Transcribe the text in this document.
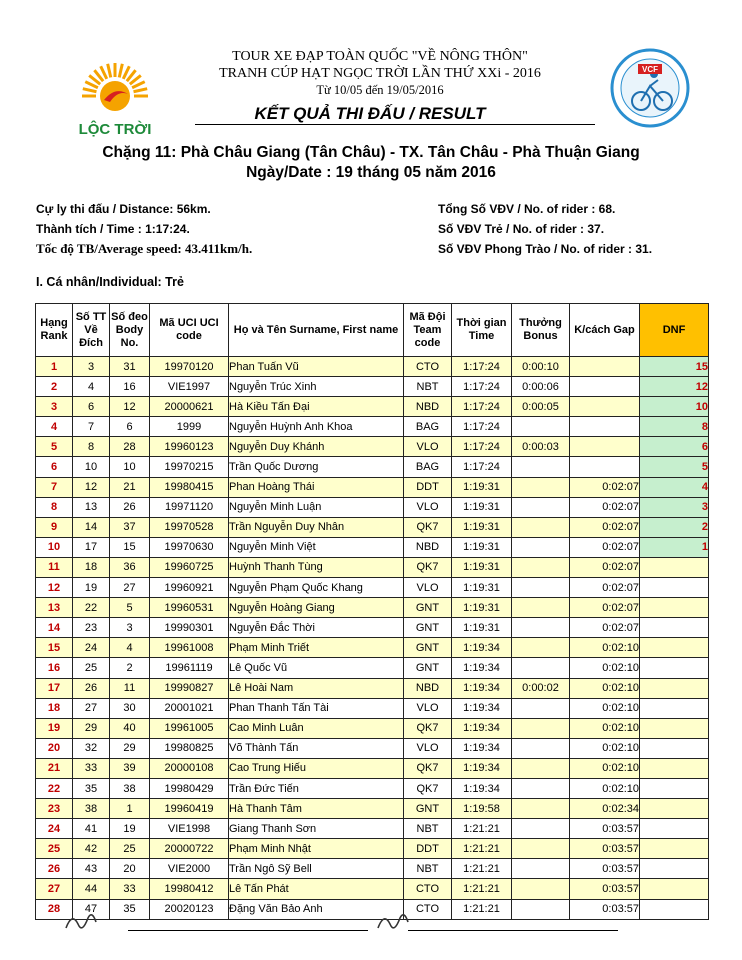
LỘC TRỜI
TOUR XE ĐẠP TOÀN QUỐC "VỀ NÔNG THÔN"
TRANH CÚP HẠT NGỌC TRỜI LẦN THỨ XXi - 2016
Từ 10/05 đến 19/05/2016
VCF
KẾT QUẢ THI ĐẤU / RESULT
Chặng 11: Phà Châu Giang (Tân Châu) - TX. Tân Châu - Phà Thuận Giang
Ngày/Date : 19 tháng 05 năm 2016
Cự ly thi đấu / Distance: 56km.
Thành tích / Time : 1:17:24.
Tốc độ TB/Average speed: 43.411km/h.
Tổng Số VĐV / No. of rider : 68.
Số VĐV Trẻ / No. of rider : 37.
Số VĐV Phong Trào / No. of rider : 31.
I. Cá nhân/Individual: Trẻ
Hạng Rank	Số TT Về Đích	Số đeo Body No.	Mã UCI UCI code	Họ và Tên Surname, First name	Mã Đội Team code	Thời gian Time	Thưởng Bonus	K/cách Gap	DNF
1	3	31	19970120	Phan Tuấn Vũ	CTO	1:17:24	0:00:10		15
2	4	16	VIE1997	Nguyễn Trúc Xinh	NBT	1:17:24	0:00:06		12
3	6	12	20000621	Hà Kiều Tấn Đại	NBD	1:17:24	0:00:05		10
4	7	6	1999	Nguyễn Huỳnh Anh Khoa	BAG	1:17:24			8
5	8	28	19960123	Nguyễn Duy Khánh	VLO	1:17:24	0:00:03		6
6	10	10	19970215	Trần Quốc Dương	BAG	1:17:24			5
7	12	21	19980415	Phan Hoàng Thái	DDT	1:19:31		0:02:07	4
8	13	26	19971120	Nguyễn Minh Luận	VLO	1:19:31		0:02:07	3
9	14	37	19970528	Trần Nguyễn Duy Nhân	QK7	1:19:31		0:02:07	2
10	17	15	19970630	Nguyễn Minh Việt	NBD	1:19:31		0:02:07	1
11	18	36	19960725	Huỳnh Thanh Tùng	QK7	1:19:31		0:02:07	
12	19	27	19960921	Nguyễn Phạm Quốc Khang	VLO	1:19:31		0:02:07	
13	22	5	19960531	Nguyễn Hoàng Giang	GNT	1:19:31		0:02:07	
14	23	3	19990301	Nguyễn Đắc Thời	GNT	1:19:31		0:02:07	
15	24	4	19961008	Phạm Minh Triết	GNT	1:19:34		0:02:10	
16	25	2	19961119	Lê Quốc Vũ	GNT	1:19:34		0:02:10	
17	26	11	19990827	Lê Hoài Nam	NBD	1:19:34	0:00:02	0:02:10	
18	27	30	20001021	Phan Thanh Tấn Tài	VLO	1:19:34		0:02:10	
19	29	40	19961005	Cao Minh Luân	QK7	1:19:34		0:02:10	
20	32	29	19980825	Võ Thành Tấn	VLO	1:19:34		0:02:10	
21	33	39	20000108	Cao Trung Hiếu	QK7	1:19:34		0:02:10	
22	35	38	19980429	Trần Đức Tiến	QK7	1:19:34		0:02:10	
23	38	1	19960419	Hà Thanh Tâm	GNT	1:19:58		0:02:34	
24	41	19	VIE1998	Giang Thanh Sơn	NBT	1:21:21		0:03:57	
25	42	25	20000722	Phạm Minh Nhật	DDT	1:21:21		0:03:57	
26	43	20	VIE2000	Trần Ngô Sỹ Bell	NBT	1:21:21		0:03:57	
27	44	33	19980412	Lê Tấn Phát	CTO	1:21:21		0:03:57	
28	47	35	20020123	Đặng Văn Bảo Anh	CTO	1:21:21		0:03:57	
